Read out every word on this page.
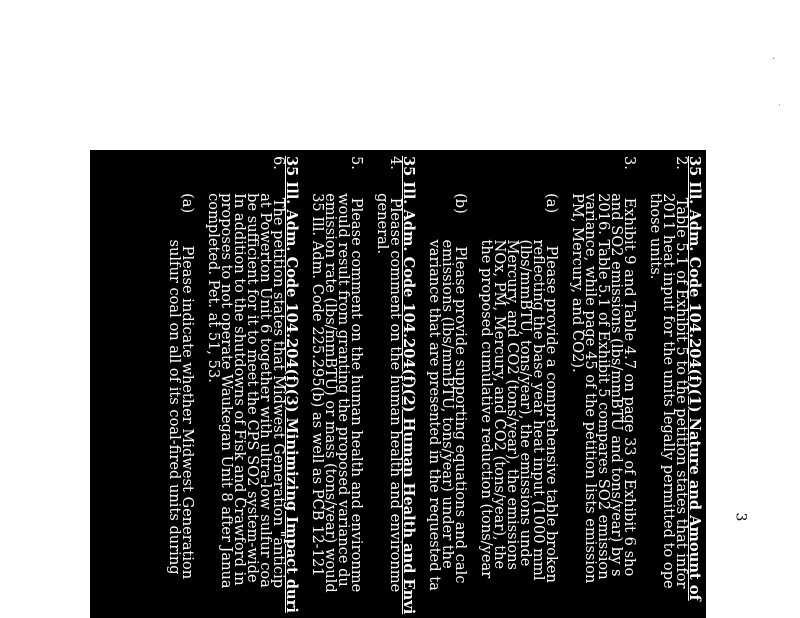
·
˙
3
35 Ill. Adm. Code 104.204(f)(1) Nature and Amount of
2.      Table 5.1 of Exhibit 5 to the petition states that infor
2011 heat input for the units legally permitted to ope
those units.
3.      Exhibit 9 and Table 4.7 on page 33 of Exhibit 6 sho
and SO2 emissions (lbs/mmBTU and tons/year) by s
2016. Table 5.1 of Exhibit 5 compares SO2 emission
variance, while page 45 of the petition lists emission
PM, Mercury, and CO2).
(a)       Please provide a comprehensive table broken
reflecting the base year heat input (1000 mml
(lbs/mmBTU, tons/year), the emissions unde
Mercury, and CO2 (tons/year), the emissions
NOx, PM, Mercury, and CO2 (tons/year), the
the proposed cumulative reduction (tons/year
(b)       Please provide supporting equations and calc
emissions (lbs/mmBTU, tons/year) under the
variance that are presented in the requested ta
35 Ill. Adm. Code 104.204(f)(2) Human Health and Envi
4.      Please comment on the human health and environme
general.
5.      Please comment on the human health and environme
would result from granting the proposed variance du
emission rate (lbs/mmBTU) or mass (tons/year) would
35 Ill. Adm. Code 225.295(b) as well as PCB 12-121
35 Ill. Adm. Code 104.204(f)(3) Minimizing Impact duri
6.      The petition states that Midwest Generation "anticip
at Powerton Unit 6 together with ultra-low sulfur coa
be sufficient for it to meet the CPS SO2 system-wide
In addition to the shutdowns of Fisk and Crawford in
proposes to not operate Waukegan Unit 8 after Janua
completed. Pet. at 51, 53.
(a)       Please indicate whether Midwest Generation
sulfur coal on all of its coal-fired units during
